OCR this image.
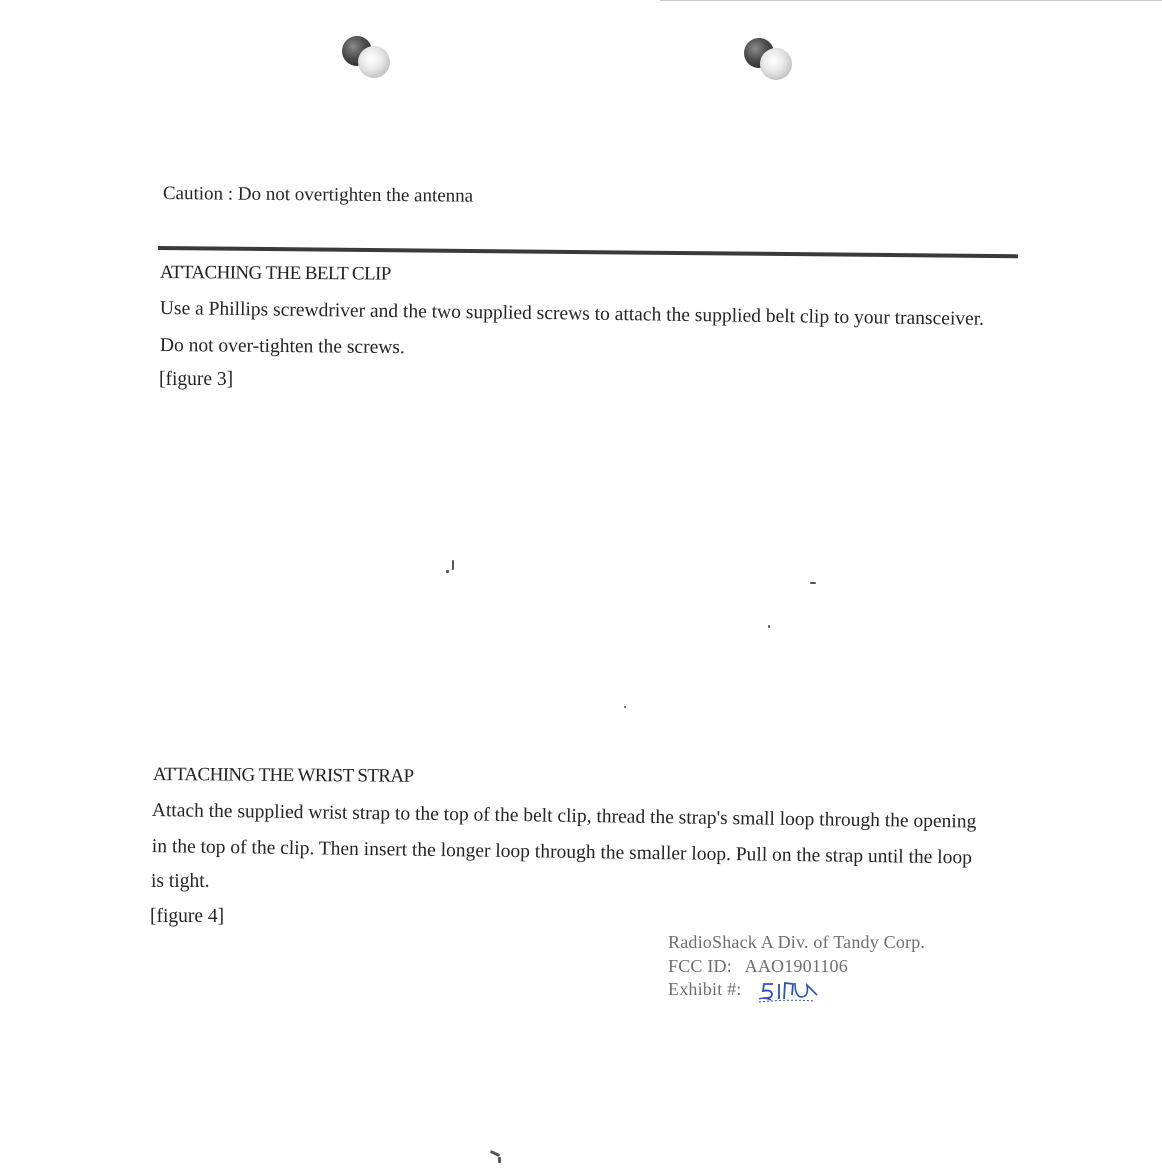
Caution : Do not overtighten the antenna
ATTACHING THE BELT CLIP
Use a Phillips screwdriver and the two supplied screws to attach the supplied belt clip to your transceiver.
Do not over-tighten the screws.
[figure 3]
ATTACHING THE WRIST STRAP
Attach the supplied wrist strap to the top of the belt clip, thread the strap's small loop through the opening
in the top of the clip. Then insert the longer loop through the smaller loop. Pull on the strap until the loop
is tight.
[figure 4]
RadioShack A Div. of Tandy Corp.
FCC ID: AAO1901106
Exhibit #:
